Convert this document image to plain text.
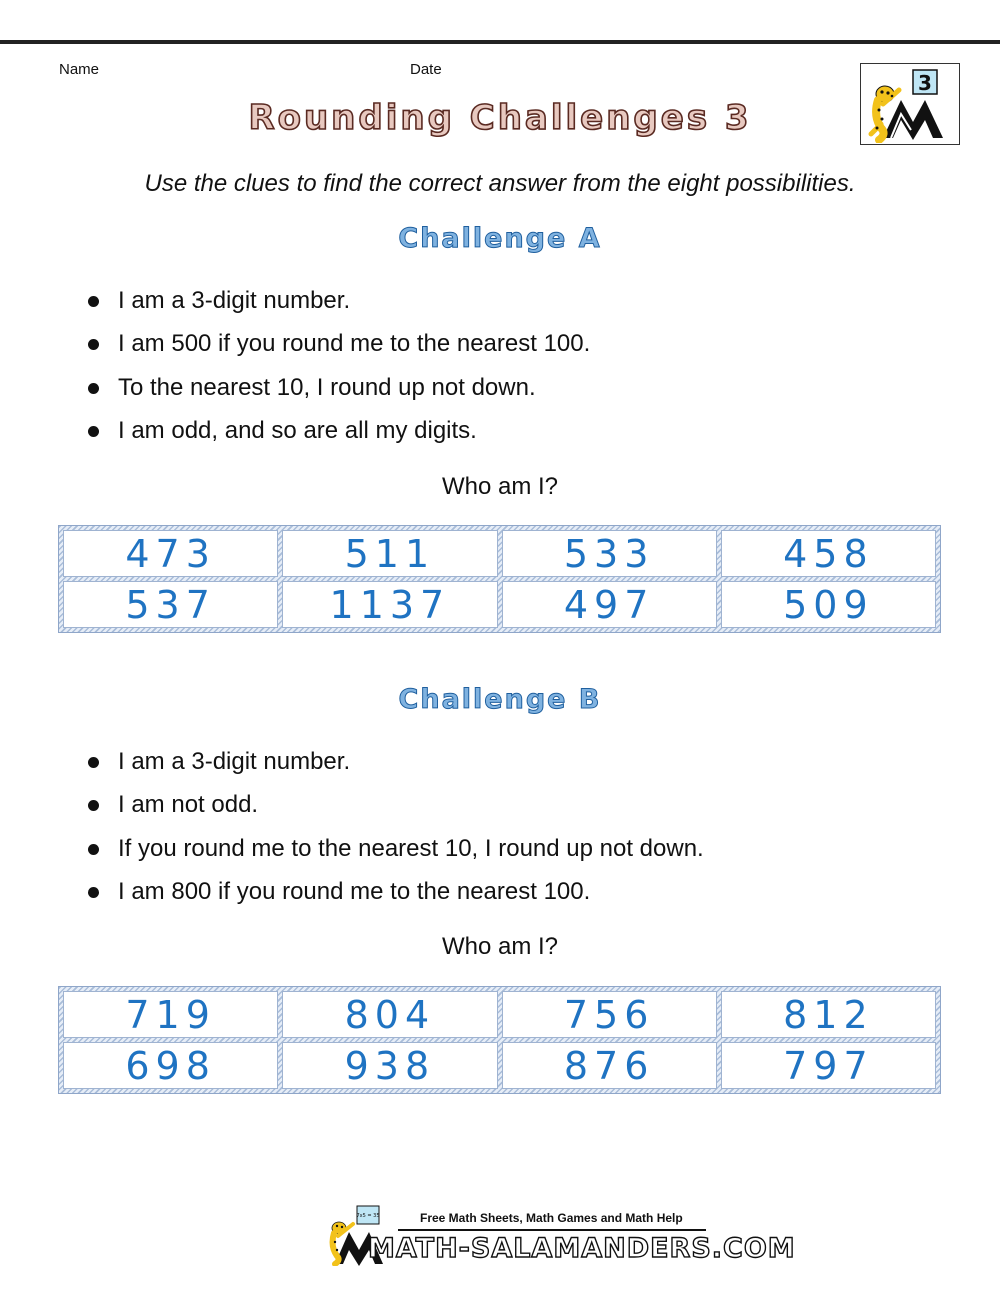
Name	Date
3
Rounding Challenges 3
Use the clues to find the correct answer from the eight possibilities.
Challenge A
I am a 3-digit number.
I am 500 if you round me to the nearest 100.
To the nearest 10, I round up not down.
I am odd, and so are all my digits.
Who am I?
473	511	533	458
537	1137	497	509
Challenge B
I am a 3-digit number.
I am not odd.
If you round me to the nearest 10, I round up not down.
I am 800 if you round me to the nearest 100.
Who am I?
719	804	756	812
698	938	876	797
7x5 = 35	Free Math Sheets, Math Games and Math Help
MATH-SALAMANDERS.COM
